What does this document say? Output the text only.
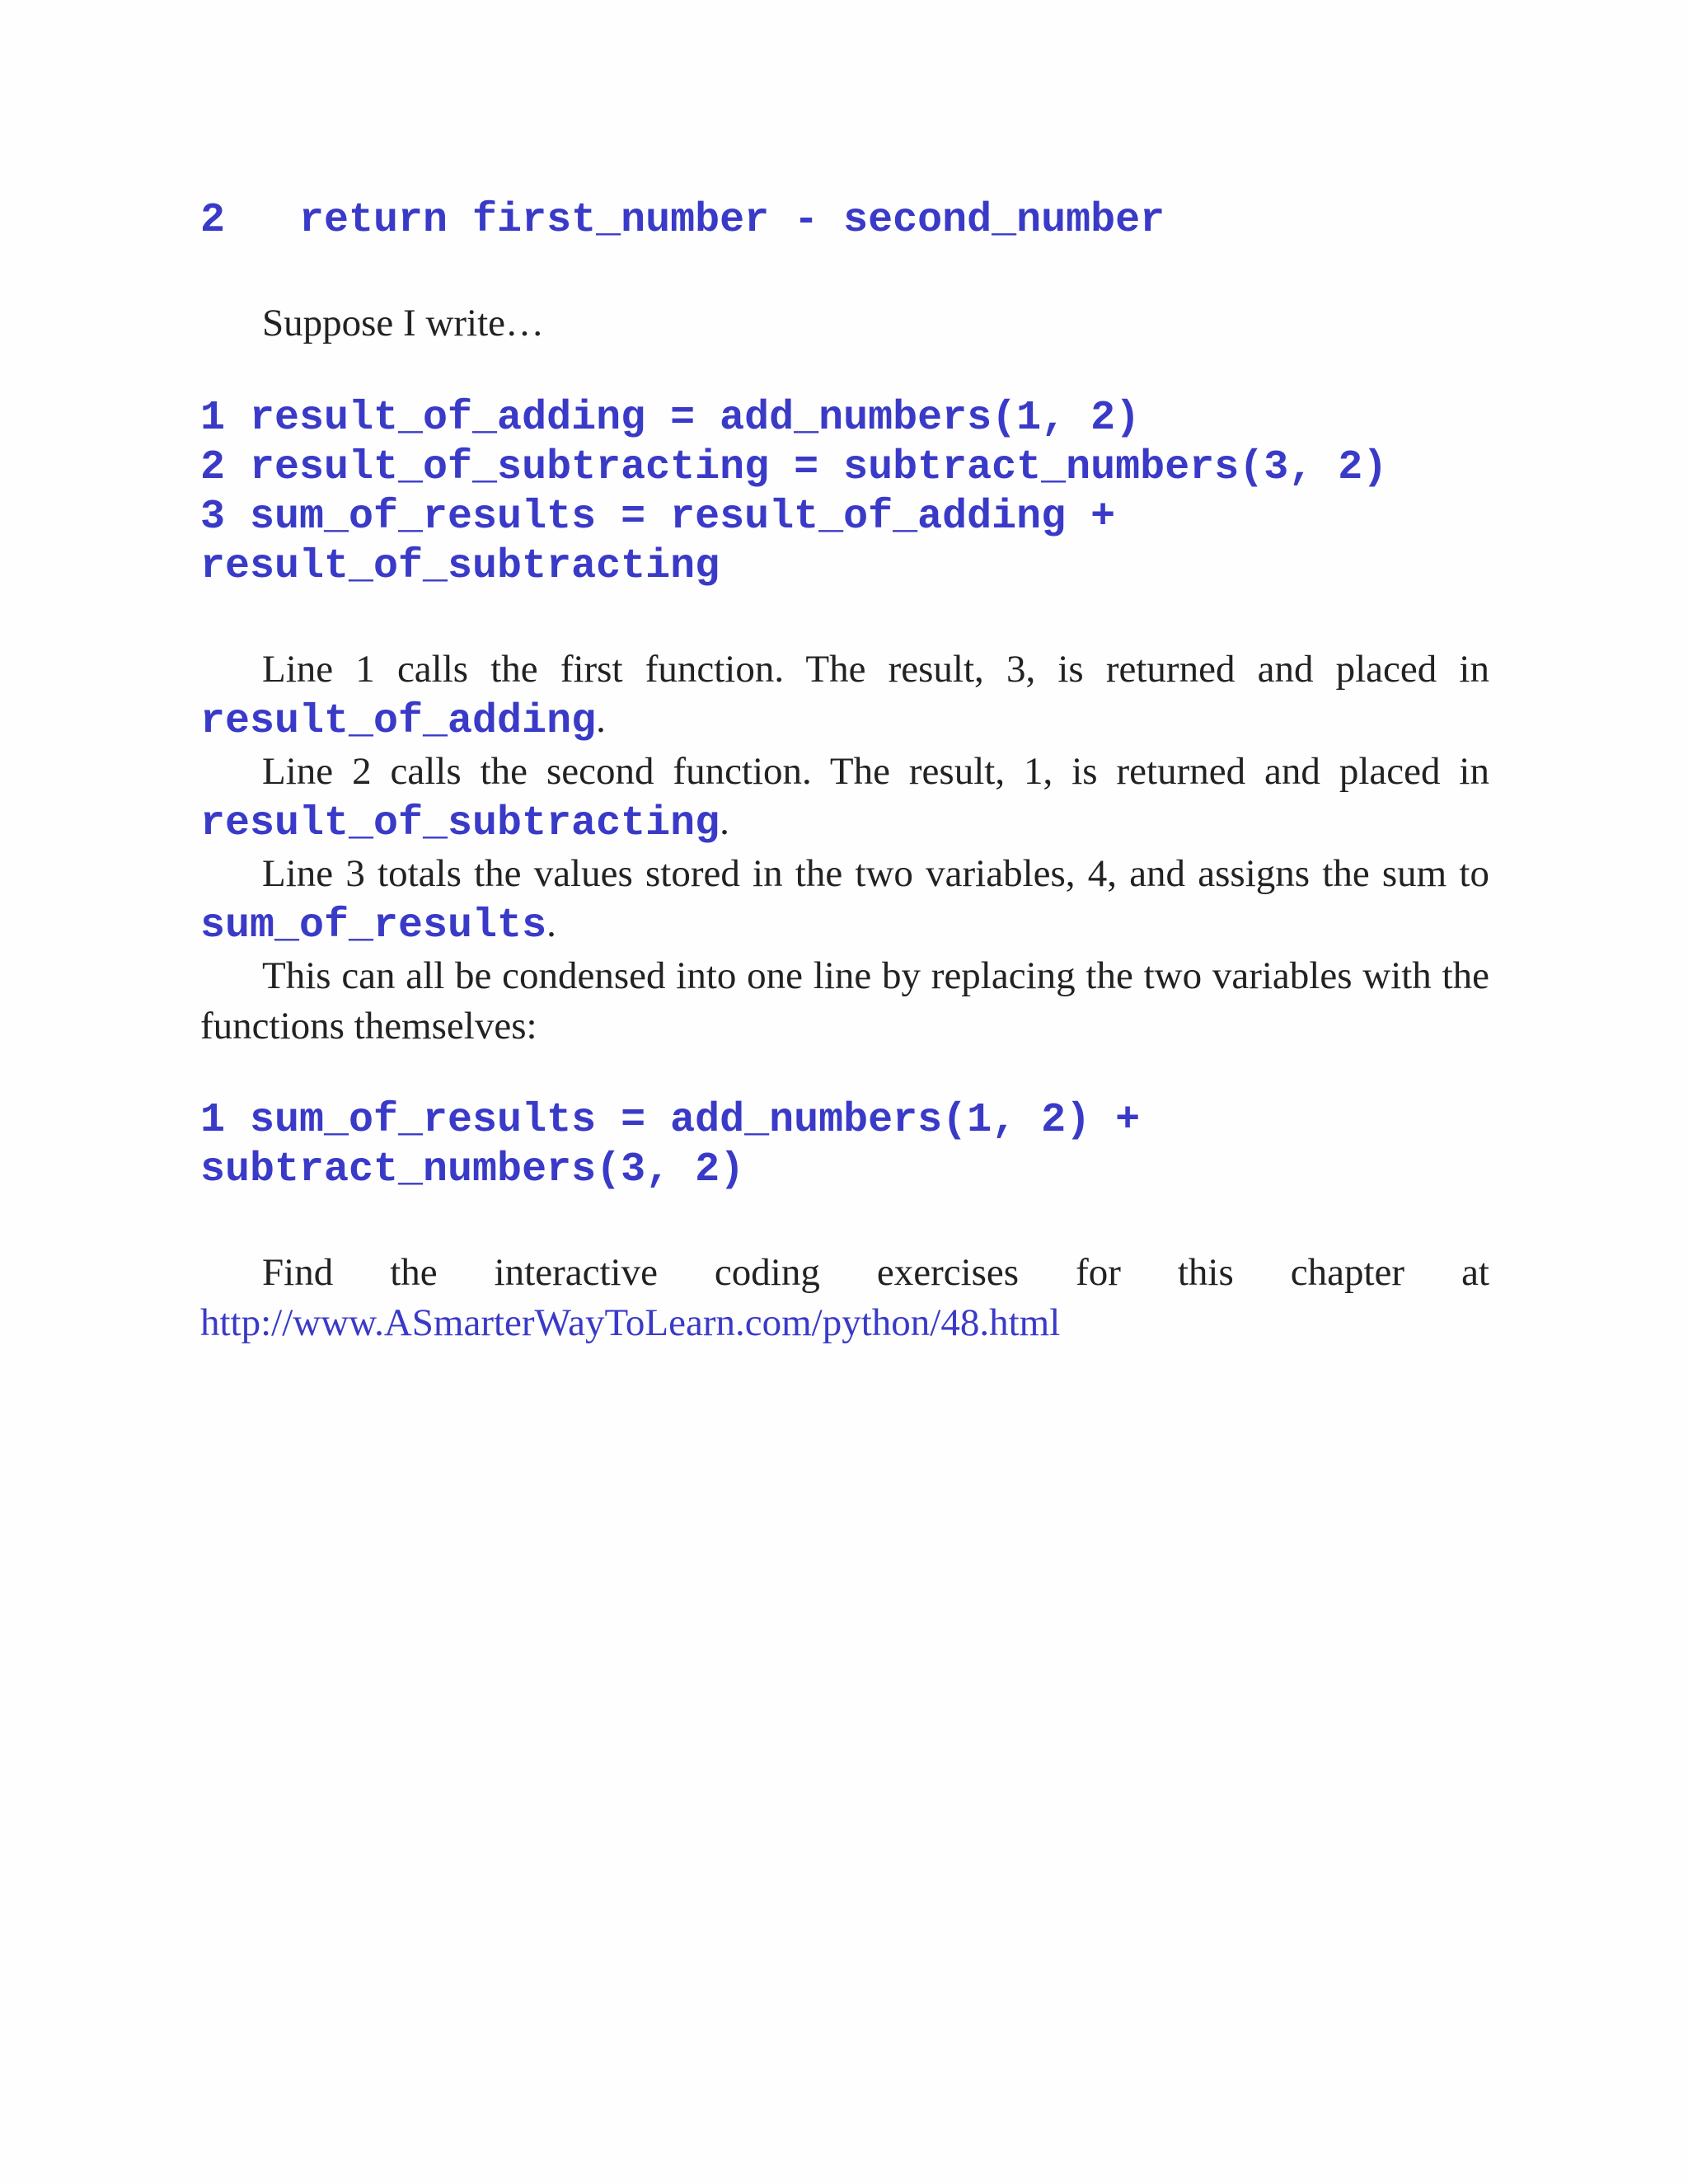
2   return first_number - second_number

Suppose I write…

1 result_of_adding = add_numbers(1, 2)

2 result_of_subtracting = subtract_numbers(3, 2)

3 sum_of_results = result_of_adding +

result_of_subtracting

Line 1 calls the first function. The result, 3, is returned and placed in result_of_adding.

Line 2 calls the second function. The result, 1, is returned and placed in result_of_subtracting.

Line 3 totals the values stored in the two variables, 4, and assigns the sum to sum_of_results.

This can all be condensed into one line by replacing the two variables with the functions themselves:

1 sum_of_results = add_numbers(1, 2) +

subtract_numbers(3, 2)

Find the interactive coding exercises for this chapter at

http://www.ASmarterWayToLearn.com/python/48.html
